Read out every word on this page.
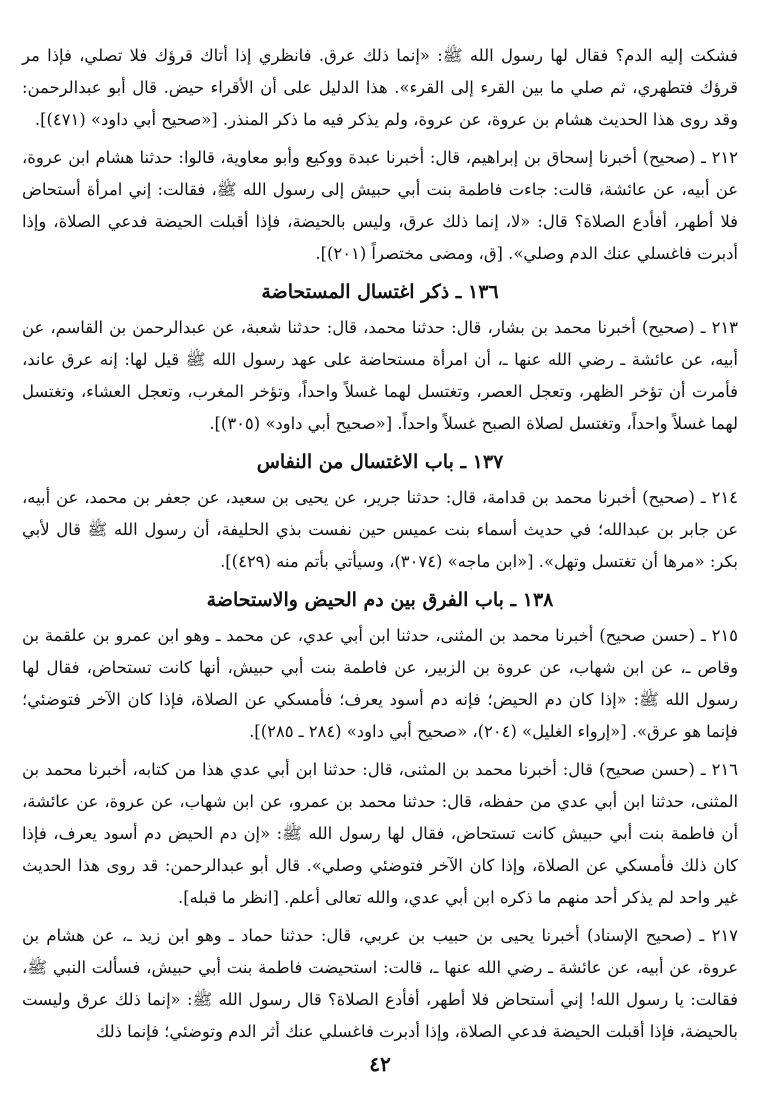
فشكت إليه الدم؟ فقال لها رسول الله ﷺ: «إنما ذلك عرق. فانظري إذا أتاك قرؤك فلا تصلي، فإذا مر قرؤك فتطهري، ثم صلي ما بين القرء إلى القرء». هذا الدليل على أن الأقراء حيض. قال أبو عبدالرحمن: وقد روى هذا الحديث هشام بن عروة، عن عروة، ولم يذكر فيه ما ذكر المنذر. [«صحيح أبي داود» (٤٧١)].

٢١٢ ـ (صحيح) أخبرنا إسحاق بن إبراهيم، قال: أخبرنا عبدة ووكيع وأبو معاوية، قالوا: حدثنا هشام ابن عروة، عن أبيه، عن عائشة، قالت: جاءت فاطمة بنت أبي حبيش إلى رسول الله ﷺ، فقالت: إني امرأة أستحاض فلا أطهر، أفأدع الصلاة؟ قال: «لا، إنما ذلك عرق، وليس بالحيضة، فإذا أقبلت الحيضة فدعي الصلاة، وإذا أدبرت فاغسلي عنك الدم وصلي». [ق، ومضى مختصراً (٢٠١)].

١٣٦ ـ ذكر اغتسال المستحاضة

٢١٣ ـ (صحيح) أخبرنا محمد بن بشار، قال: حدثنا محمد، قال: حدثنا شعبة، عن عبدالرحمن بن القاسم، عن أبيه، عن عائشة ـ رضي الله عنها ـ، أن امرأة مستحاضة على عهد رسول الله ﷺ قيل لها: إنه عرق عاند، فأمرت أن تؤخر الظهر، وتعجل العصر، وتغتسل لهما غسلاً واحداً، وتؤخر المغرب، وتعجل العشاء، وتغتسل لهما غسلاً واحداً، وتغتسل لصلاة الصبح غسلاً واحداً. [«صحيح أبي داود» (٣٠٥)].

١٣٧ ـ باب الاغتسال من النفاس

٢١٤ ـ (صحيح) أخبرنا محمد بن قدامة، قال: حدثنا جرير، عن يحيى بن سعيد، عن جعفر بن محمد، عن أبيه، عن جابر بن عبدالله؛ في حديث أسماء بنت عميس حين نفست بذي الحليفة، أن رسول الله ﷺ قال لأبي بكر: «مرها أن تغتسل وتهل». [«ابن ماجه» (٣٠٧٤)، وسيأتي بأتم منه (٤٢٩)].

١٣٨ ـ باب الفرق بين دم الحيض والاستحاضة

٢١٥ ـ (حسن صحيح) أخبرنا محمد بن المثنى، حدثنا ابن أبي عدي، عن محمد ـ وهو ابن عمرو بن علقمة بن وقاص ـ، عن ابن شهاب، عن عروة بن الزبير، عن فاطمة بنت أبي حبيش، أنها كانت تستحاض، فقال لها رسول الله ﷺ: «إذا كان دم الحيض؛ فإنه دم أسود يعرف؛ فأمسكي عن الصلاة، فإذا كان الآخر فتوضئي؛ فإنما هو عرق». [«إرواء الغليل» (٢٠٤)، «صحيح أبي داود» (٢٨٤ ـ ٢٨٥)].

٢١٦ ـ (حسن صحيح) قال: أخبرنا محمد بن المثنى، قال: حدثنا ابن أبي عدي هذا من كتابه، أخبرنا محمد بن المثنى، حدثنا ابن أبي عدي من حفظه، قال: حدثنا محمد بن عمرو، عن ابن شهاب، عن عروة، عن عائشة، أن فاطمة بنت أبي حبيش كانت تستحاض، فقال لها رسول الله ﷺ: «إن دم الحيض دم أسود يعرف، فإذا كان ذلك فأمسكي عن الصلاة، وإذا كان الآخر فتوضئي وصلي». قال أبو عبدالرحمن: قد روى هذا الحديث غير واحد لم يذكر أحد منهم ما ذكره ابن أبي عدي، والله تعالى أعلم. [انظر ما قبله].

٢١٧ ـ (صحيح الإسناد) أخبرنا يحيى بن حبيب بن عربي، قال: حدثنا حماد ـ وهو ابن زيد ـ، عن هشام بن عروة، عن أبيه، عن عائشة ـ رضي الله عنها ـ، قالت: استحيضت فاطمة بنت أبي حبيش، فسألت النبي ﷺ، فقالت: يا رسول الله! إني أستحاض فلا أطهر، أفأدع الصلاة؟ قال رسول الله ﷺ: «إنما ذلك عرق وليست بالحيضة، فإذا أقبلت الحيضة فدعي الصلاة، وإذا أدبرت فاغسلي عنك أثر الدم وتوضئي؛ فإنما ذلك

٤٢
